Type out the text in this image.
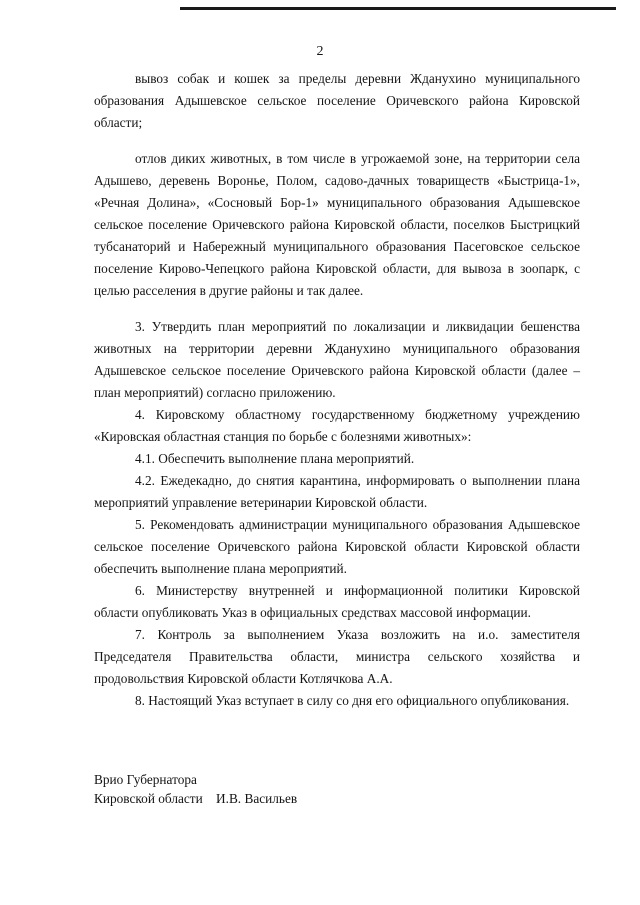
2

вывоз собак и кошек за пределы деревни Жданухино муниципального образования Адышевское сельское поселение Оричевского района Кировской области;

отлов диких животных, в том числе в угрожаемой зоне, на территории села Адышево, деревень Воронье, Полом, садово-дачных товариществ «Быстрица-1», «Речная Долина», «Сосновый Бор-1» муниципального образования Адышевское сельское поселение Оричевского района Кировской области, поселков Быстрицкий тубсанаторий и Набережный муниципального образования Пасеговское сельское поселение Кирово-Чепецкого района Кировской области, для вывоза в зоопарк, с целью расселения в другие районы и так далее.

3. Утвердить план мероприятий по локализации и ликвидации бешенства животных на территории деревни Жданухино муниципального образования Адышевское сельское поселение Оричевского района Кировской области (далее – план мероприятий) согласно приложению.

4. Кировскому областному государственному бюджетному учреждению «Кировская областная станция по борьбе с болезнями животных»:

4.1. Обеспечить выполнение плана мероприятий.

4.2. Ежедекадно, до снятия карантина, информировать о выполнении плана мероприятий управление ветеринарии Кировской области.

5. Рекомендовать администрации муниципального образования Адышевское сельское поселение Оричевского района Кировской области Кировской области обеспечить выполнение плана мероприятий.

6. Министерству внутренней и информационной политики Кировской области опубликовать Указ в официальных средствах массовой информации.

7. Контроль за выполнением Указа возложить на и.о. заместителя Председателя Правительства области, министра сельского хозяйства и продовольствия Кировской области Котлячкова А.А.

8. Настоящий Указ вступает в силу со дня его официального опубликования.

Врио Губернатора
Кировской области И.В. Васильев
